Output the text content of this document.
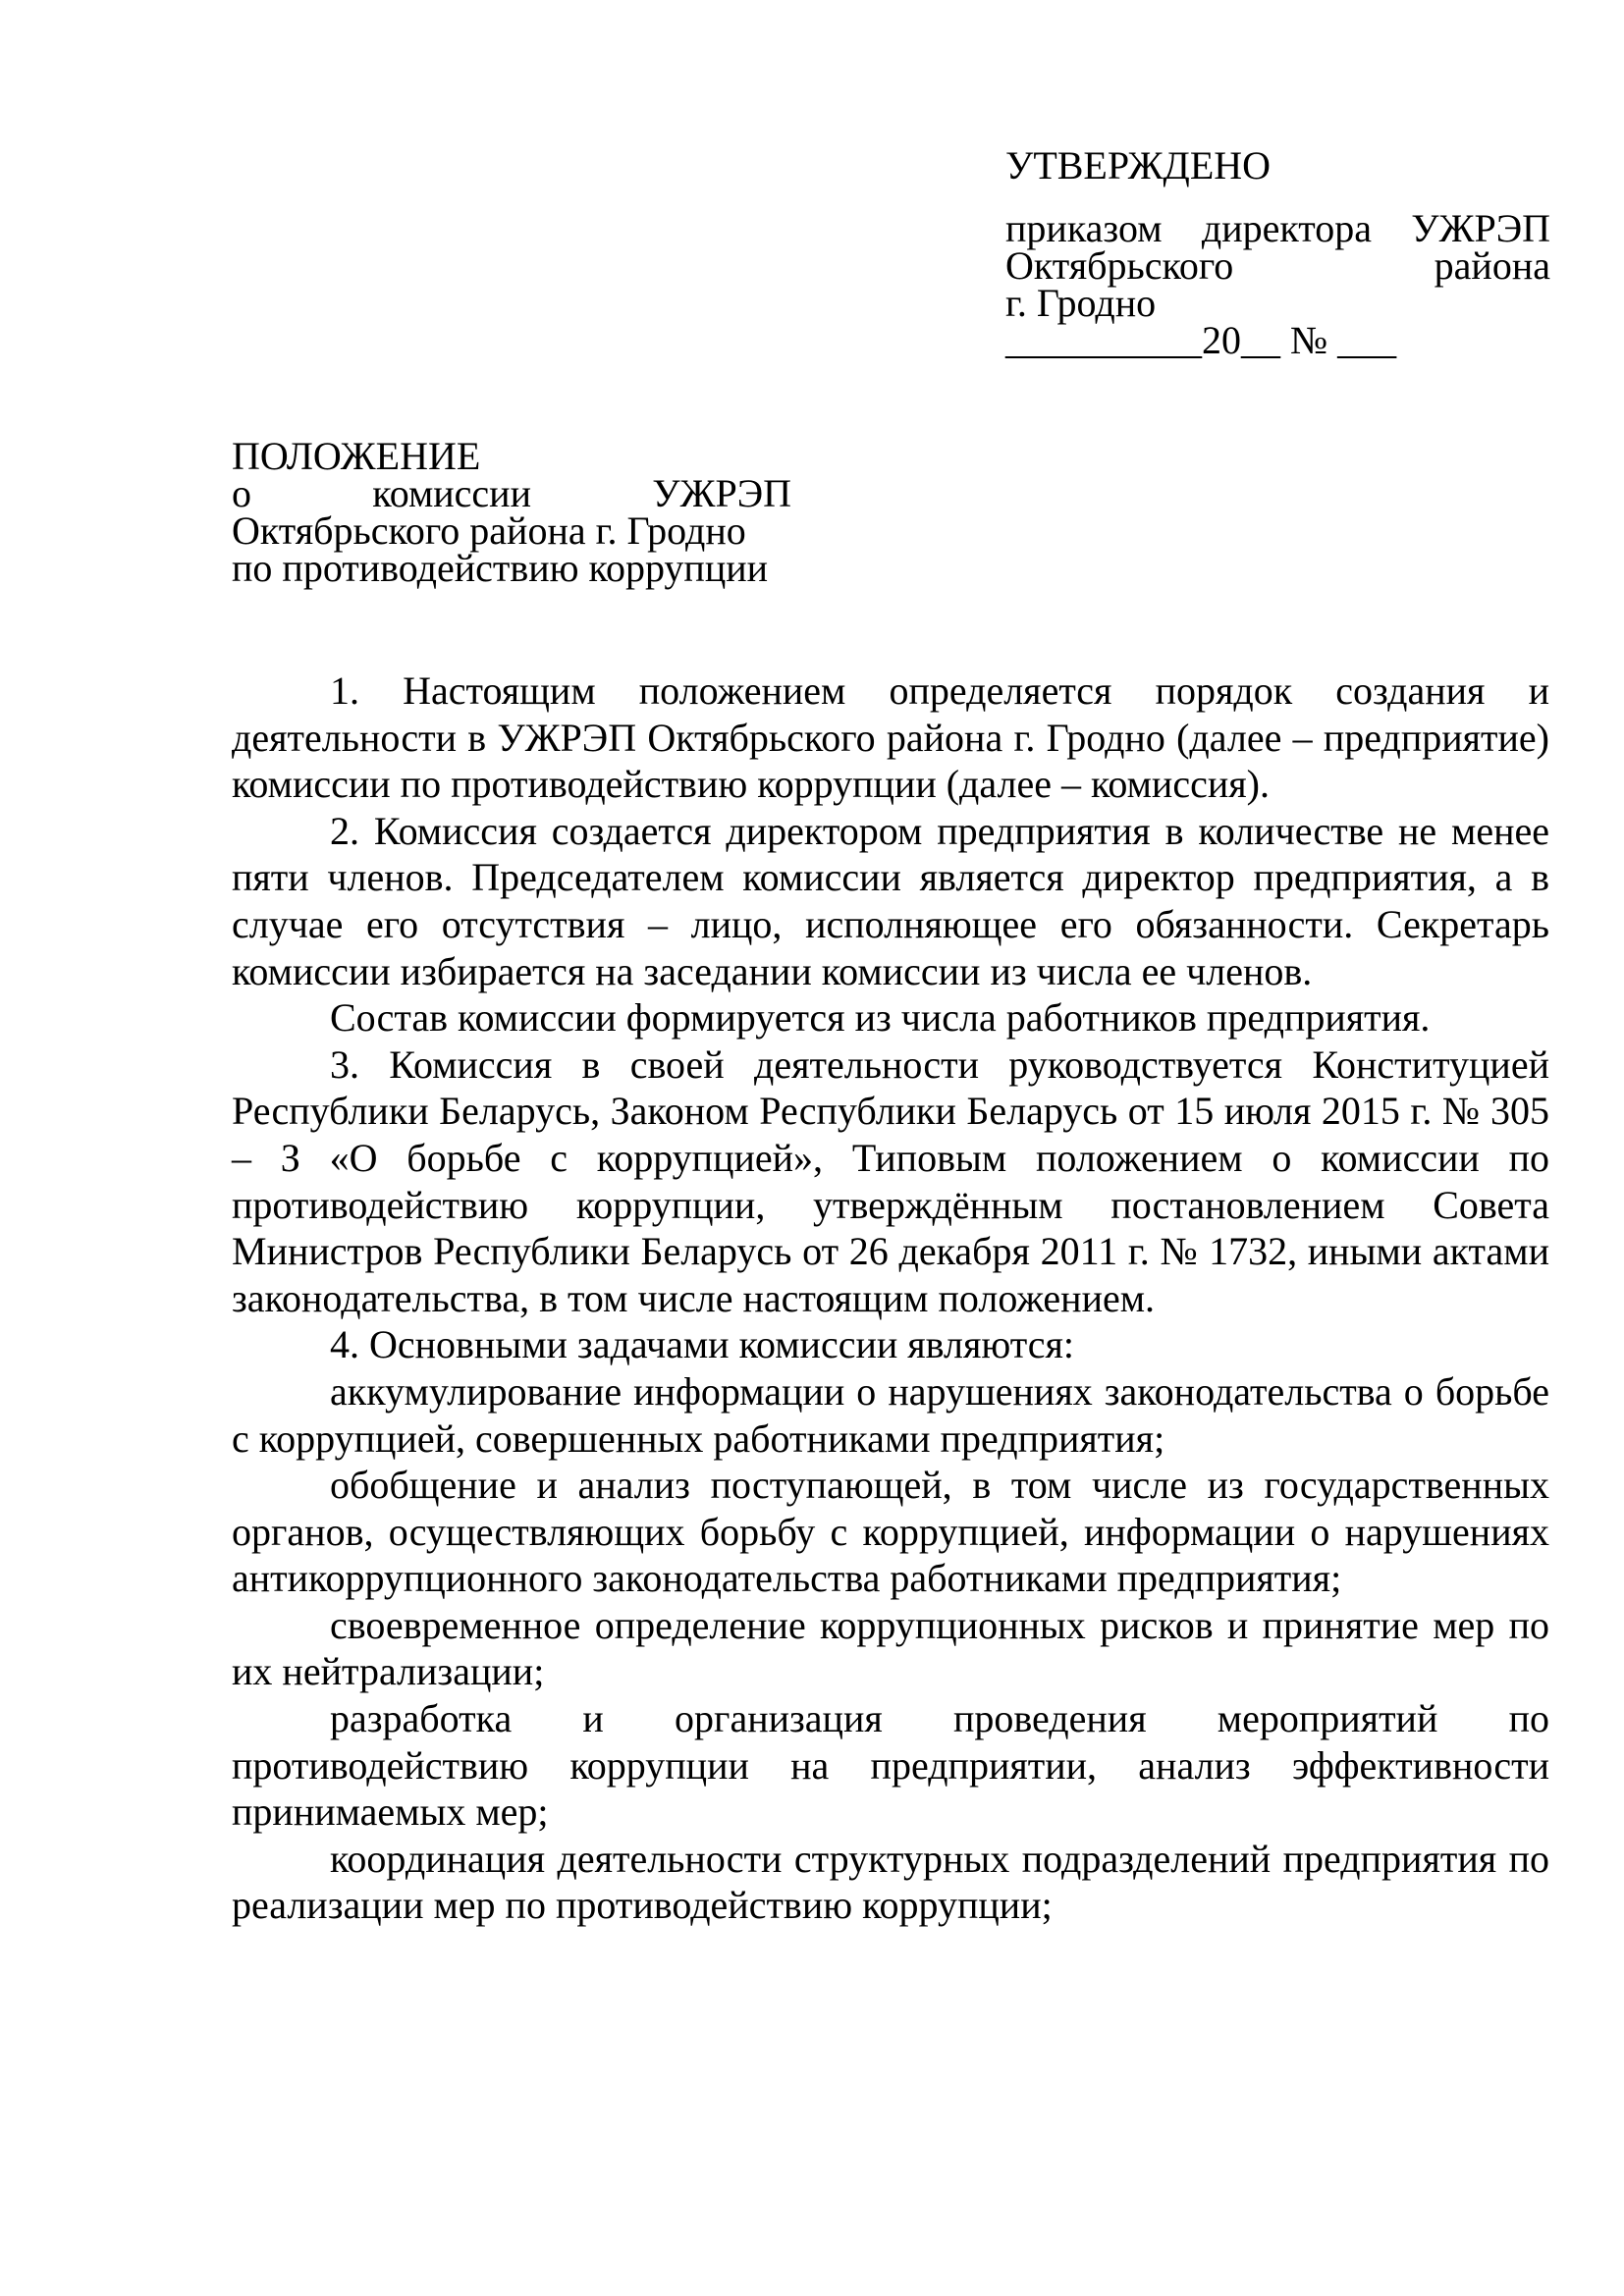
УТВЕРЖДЕНО
приказом директора УЖРЭП
Октябрьского района
г. Гродно
__________20__ № ___
ПОЛОЖЕНИЕ
о комиссии УЖРЭП
Октябрьского района г. Гродно
по противодействию коррупции

1. Настоящим положением определяется порядок создания и деятельности в УЖРЭП Октябрьского района г. Гродно (далее – предприятие) комиссии по противодействию коррупции (далее – комиссия).

2. Комиссия создается директором предприятия в количестве не менее пяти членов. Председателем комиссии является директор предприятия, а в случае его отсутствия – лицо, исполняющее его обязанности. Секретарь комиссии избирается на заседании комиссии из числа ее членов.

Состав комиссии формируется из числа работников предприятия.

3. Комиссия в своей деятельности руководствуется Конституцией Республики Беларусь, Законом Республики Беларусь от 15 июля 2015 г. № 305 – З «О борьбе с коррупцией», Типовым положением о комиссии по противодействию коррупции, утверждённым постановлением Совета Министров Республики Беларусь от 26 декабря 2011 г. № 1732, иными актами законодательства, в том числе настоящим положением.

4. Основными задачами комиссии являются:

аккумулирование информации о нарушениях законодательства о борьбе с коррупцией, совершенных работниками предприятия;

обобщение и анализ поступающей, в том числе из государственных органов, осуществляющих борьбу с коррупцией, информации о нарушениях антикоррупционного законодательства работниками предприятия;

своевременное определение коррупционных рисков и принятие мер по их нейтрализации;

разработка и организация проведения мероприятий по противодействию коррупции на предприятии, анализ эффективности принимаемых мер;

координация деятельности структурных подразделений предприятия по реализации мер по противодействию коррупции;
